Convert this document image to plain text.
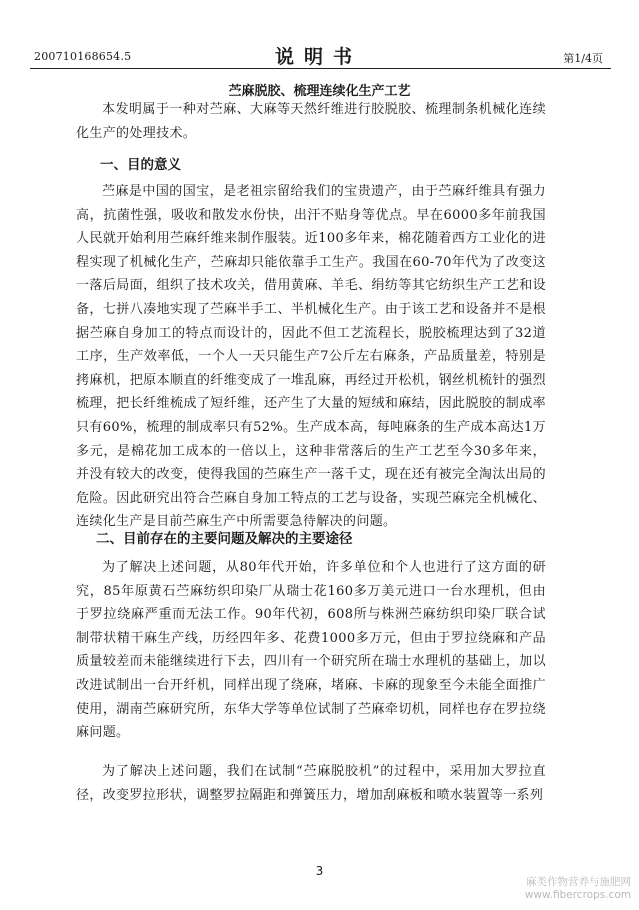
200710168654.5	说明书	第1/4页
苎麻脱胶、梳理连续化生产工艺
本发明属于一种对苎麻、大麻等天然纤维进行胶脱胶、梳理制条机械化连续化生产的处理技术。
一、目的意义
苎麻是中国的国宝，是老祖宗留给我们的宝贵遗产，由于苎麻纤维具有强力高，抗菌性强，吸收和散发水份快，出汗不贴身等优点。早在6000多年前我国人民就开始利用苎麻纤维来制作服装。近100多年来，棉花随着西方工业化的进程实现了机械化生产，苎麻却只能依靠手工生产。我国在60-70年代为了改变这一落后局面，组织了技术攻关，借用黄麻、羊毛、绢纺等其它纺织生产工艺和设备，七拼八凑地实现了苎麻半手工、半机械化生产。由于该工艺和设备并不是根据苎麻自身加工的特点而设计的，因此不但工艺流程长，脱胶梳理达到了32道工序，生产效率低，一个人一天只能生产7公斤左右麻条，产品质量差，特别是拷麻机，把原本顺直的纤维变成了一堆乱麻，再经过开松机，钢丝机梳针的强烈梳理，把长纤维梳成了短纤维，还产生了大量的短绒和麻结，因此脱胶的制成率只有60%，梳理的制成率只有52%。生产成本高，每吨麻条的生产成本高达1万多元，是棉花加工成本的一倍以上，这种非常落后的生产工艺至今30多年来，并没有较大的改变，使得我国的苎麻生产一落千丈，现在还有被完全淘汰出局的危险。因此研究出符合苎麻自身加工特点的工艺与设备，实现苎麻完全机械化、连续化生产是目前苎麻生产中所需要急待解决的问题。
二、目前存在的主要问题及解决的主要途径
为了解决上述问题，从80年代开始，许多单位和个人也进行了这方面的研究，85年原黄石苎麻纺织印染厂从瑞士花160多万美元进口一台水理机，但由于罗拉绕麻严重而无法工作。90年代初，608所与株洲苎麻纺织印染厂联合试制带状精干麻生产线，历经四年多、花费1000多万元，但由于罗拉绕麻和产品质量较差而未能继续进行下去，四川有一个研究所在瑞士水理机的基础上，加以改进试制出一台开纤机，同样出现了绕麻，堵麻、卡麻的现象至今未能全面推广使用，湖南苎麻研究所，东华大学等单位试制了苎麻牵切机，同样也存在罗拉绕麻问题。
为了解决上述问题，我们在试制“苎麻脱胶机”的过程中，采用加大罗拉直径，改变罗拉形状，调整罗拉隔距和弹簧压力，增加刮麻板和喷水装置等一系列
3
麻类作物营养与施肥网
www.fibercrops.com
